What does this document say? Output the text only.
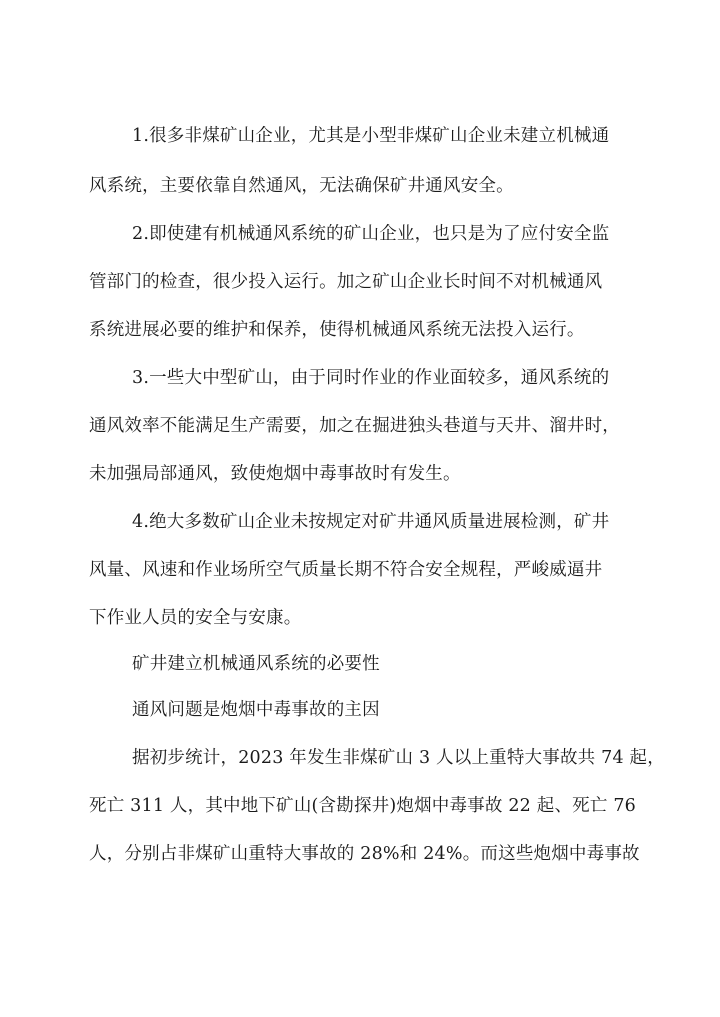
1.很多非煤矿山企业，尤其是小型非煤矿山企业未建立机械通

风系统，主要依靠自然通风，无法确保矿井通风安全。

2.即使建有机械通风系统的矿山企业，也只是为了应付安全监

管部门的检查，很少投入运行。加之矿山企业长时间不对机械通风

系统进展必要的维护和保养，使得机械通风系统无法投入运行。

3.一些大中型矿山，由于同时作业的作业面较多，通风系统的

通风效率不能满足生产需要，加之在掘进独头巷道与天井、溜井时，

未加强局部通风，致使炮烟中毒事故时有发生。

4.绝大多数矿山企业未按规定对矿井通风质量进展检测，矿井

风量、风速和作业场所空气质量长期不符合安全规程，严峻威逼井

下作业人员的安全与安康。

矿井建立机械通风系统的必要性

通风问题是炮烟中毒事故的主因

据初步统计，2023 年发生非煤矿山 3 人以上重特大事故共 74 起，

死亡 311 人，其中地下矿山(含勘探井)炮烟中毒事故 22 起、死亡 76

人，分别占非煤矿山重特大事故的 28%和 24%。而这些炮烟中毒事故
